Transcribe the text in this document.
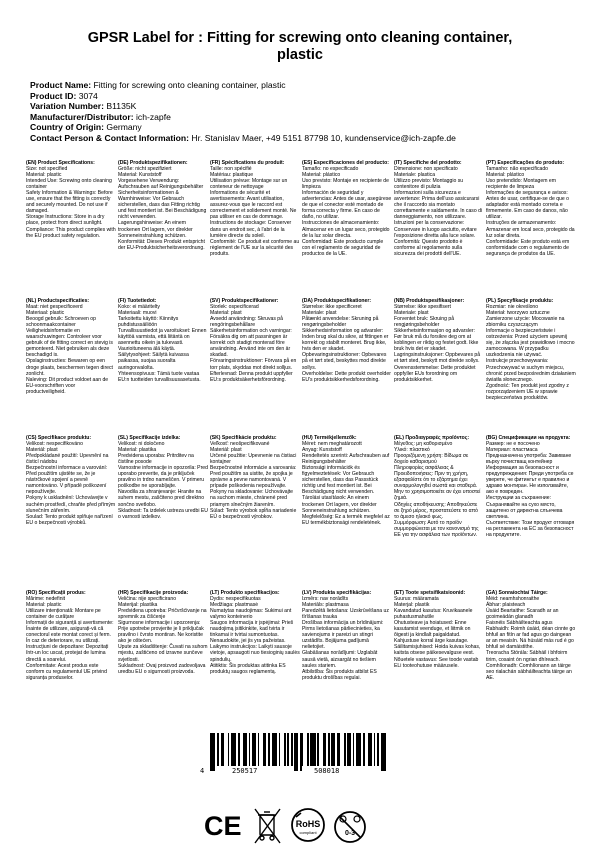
GPSR Label for : Fitting for screwing onto cleaning container,
plastic
Product Name: Fitting for screwing onto cleaning container, plastic
Product ID: 3074
Variation Number: B1135K
Manufacturer/Distributor: ich-zapfe
Country of Origin: Germany
Contact Person & Contact Information: Hr. Stanislav Maer, +49 5151 87798 10, kundenservice@ich-zapfe.de

(EN) Product Specifications:

Size: not specified
Material: plastic
Intended Use: Screwing onto cleaning container
Safety Information & Warnings: Before use, ensure that the fitting is correctly and securely mounted. Do not use if damaged.
Storage Instructions: Store in a dry place, protect from direct sunlight.
Compliance: This product complies with the EU product safety regulation.

(DE) Produktspezifikationen:

Größe: nicht spezifiziert
Material: Kunststoff
Vorgesehene Verwendung: Aufschrauben auf Reinigungsbehälter
Sicherheitsinformationen & Warnhinweise: Vor Gebrauch sicherstellen, dass das Fitting richtig und fest montiert ist. Bei Beschädigung nicht verwenden.
Lagerungshinweise: An einem trockenen Ort lagern, vor direkter Sonneneinstrahlung schützen.
Konformität: Dieses Produkt entspricht der EU-Produktsicherheitsverordnung.

(FR) Spécifications du produit:

Taille: non spécifié
Matériau: plastique
Utilisation prévue: Montage sur un conteneur de nettoyage
Informations de sécurité et avertissements: Avant utilisation, assurez-vous que le raccord est correctement et solidement monté. Ne pas utiliser en cas de dommage.
Instructions de stockage: Conserver dans un endroit sec, à l'abri de la lumière directe du soleil.
Conformité: Ce produit est conforme au règlement de l'UE sur la sécurité des produits.

(ES) Especificaciones del producto:

Tamaño: no especificado
Material: plástico
Uso previsto: Montaje en recipiente de limpieza
Información de seguridad y advertencias: Antes de usar, asegúrese de que el conector esté montado de forma correcta y firme. En caso de daño, no utilizar.
Instrucciones de almacenamiento: Almacenar en un lugar seco, protegido de la luz solar directa.
Conformidad: Este producto cumple con el reglamento de seguridad de productos de la UE.

(IT) Specifiche del prodotto:

Dimensione: non specificato
Materiale: plastica
Utilizzo previsto: Montaggio su contenitore di pulizia
Informazioni sulla sicurezza e avvertenze: Prima dell'uso assicurarsi che il raccordo sia montato correttamente e saldamente. In caso di danneggiamento, non utilizzare.
Istruzioni per la conservazione: Conservare in luogo asciutto, evitare l'esposizione diretta alla luce solare.
Conformità: Questo prodotto è conforme al regolamento sulla sicurezza dei prodotti dell'UE.

(PT) Especificações do produto:

Tamanho: não especificado
Material: plástico
Uso pretendido: Montagem em recipiente de limpeza
Informações de segurança e avisos: Antes de usar, certifique-se de que o adaptador está montado correta e firmemente. Em caso de danos, não utilizar.
Instruções de armazenamento: Armazenar em local seco, protegido da luz solar direta.
Conformidade: Este produto está em conformidade com o regulamento de segurança de produtos da UE.

(NL) Productspecificaties:

Maat: niet gespecificeerd
Materiaal: plastic
Beoogd gebruik: Schroeven op schoonmaakcontainer
Veiligheidsinformatie en waarschuwingen: Controleer voor gebruik of de fitting correct en stevig is gemonteerd. Niet gebruiken als deze beschadigd is.
Opslaginstructies: Bewaren op een droge plaats, beschermen tegen direct zonlicht.
Naleving: Dit product voldoet aan de EU-voorschriften voor productveiligheid.

(FI) Tuotetiedot:

Koko: ei määritelty
Materiaali: muovi
Tarkoitettu käyttö: Kiinnitys puhdistussäiliöön
Turvallisuustiedot ja varoitukset: Ennen käyttöä varmista, että liitäntä on asennettu oikein ja tukevasti. Vaurioituneena älä käytä.
Säilytysohjeet: Säilytä kuivassa paikassa, suojaa suoralta auringonvalolta.
Yhteensopivuus: Tämä tuote vastaa EU:n tuotteiden turvallisuusasetusta.

(SV) Produktspecifikationer:

Storlek: ospecificerad
Material: plast
Avsedd användning: Skruvas på rengöringsbehållare
Säkerhetsinformation och varningar: Försäkra dig om att passningen är korrekt och stadigt monterad före användning. Använd inte om den är skadad.
Förvaringsinstruktioner: Förvara på en torr plats, skyddas mot direkt solljus.
Efterlevnad: Denna produkt uppfyller EU:s produktsäkerhetsförordning.

(DA) Produktspecifikationer:

Størrelse: ikke specificeret
Materiale: plast
Påtænkt anvendelse: Skruning på rengøringsbeholder
Sikkerhedsinformation og advarsler: Inden brug skal du sikre, at fittingen er korrekt og stabilt monteret. Brug ikke, hvis den er skadet.
Opbevaringsinstruktioner: Opbevares på et tørt sted, beskyttes mod direkte sollys.
Overholdelse: Dette produkt overholder EU's produktsikkerhedsforordning.

(NB) Produktspesifikasjoner:

Størrelse: ikke spesifisert
Materiale: plast
Forventet bruk: Skruing på rengjøringsbeholder
Sikkerhetsinformasjon og advarsler: Før bruk må du forsikre deg om at koblingen er riktig og festet godt. Ikke bruk hvis det er skadet.
Lagringsinstruksjoner: Oppbevares på et tørt sted, beskytt mot direkte sollys.
Overensstemmelse: Dette produktet oppfyller EUs forordning om produktsikkerhet.

(PL) Specyfikacje produktu:

Rozmiar: nie określono
Materiał: tworzywo sztuczne
Zamierzone użycie: Mocowanie na zbiorniku czyszczącym
Informacje o bezpieczeństwie i ostrzeżenia: Przed użyciem upewnij się, że złączka jest prawidłowo i mocno zamocowana. W przypadku uszkodzenia nie używać.
Instrukcje przechowywania: Przechowywać w suchym miejscu, chronić przed bezpośrednim działaniem światła słonecznego.
Zgodność: Ten produkt jest zgodny z rozporządzeniem UE w sprawie bezpieczeństwa produktów.

(CS) Specifikace produktu:

Velikost: nespecifikováno
Materiál: plast
Předpokládané použití: Upevnění na čisticí nádobu
Bezpečnostní informace a varování: Před použitím ujistěte se, že je nástrčkové spojení a pevně namontováno. V případě poškození nepoužívejte.
Pokyny k uskladnění: Uchovávejte v suchém prostředí, chraňte před přímým slunečním zářením.
Soulad: Tento produkt splňuje nařízení EU o bezpečnosti výrobků.

(SL) Specifikacije izdelka:

Velikost: ni določeno
Material: plastika
Predvidena uporaba: Pritrditev na čistilne posode
Varnostne informacije in opozorila: Pred uporabo preverite, da je priključek pravilno in trdno nameščen. V primeru poškodbe ne uporabljajte.
Navodila za shranjevanje: Hranite na suhem mestu, zaščiteno pred direktno sončno svetlobo.
Skladnost: Ta izdelek ustreza uredbi EU o varnosti izdelkov.

(SK) Špecifikácie produktu:

Veľkosť: neošpecifikované
Materiál: plast
Určené použitie: Upevnenie na čistiaci kontajner
Bezpečnostné informácie a varovania: Pred použitím sa uistite, že spojka je správne a pevne namontovaná. V prípade poškodenia nepoužívajte.
Pokyny na skladovanie: Uchovávajte na suchom mieste, chránené pred priamym slnečným žiarením.
Súlad: Tento výrobok spĺňa nariadenie EÚ o bezpečnosti výrobkov.

(HU) Termékjellemzők:

Méret: nem meghatározott
Anyag: Kunststoff
Rendeltetés szerinti: Aufschrauben auf Reinigungsbehälter
Biztonsági információk és figyelmeztetések: Vor Gebrauch sicherstellen, dass das Passstück richtig und fest montiert ist. Bei Beschädigung nicht verwenden.
Tárolási utasítások: An einem trockenen Ort lagern, vor direkter Sonneneinstrahlung schützen.
Megfelelőség: Ez a termék megfelel az EU termékbiztonsági rendeletének.

(EL) Προδιαγραφές προϊόντος:

Μέγεθος: μη καθορισμένο
Υλικό: πλαστικό
Προοριζόμενη χρήση: Βίδωμα σε δοχείο καθαρισμού
Πληροφορίες ασφάλειας & Προειδοποιήσεις: Πριν τη χρήση, εξασφαλίστε ότι το εξάρτημα έχει συναρμολογηθεί σωστά και σταθερά. Μην το χρησιμοποιείτε αν έχει υποστεί ζημιά.
Οδηγίες αποθήκευσης: Αποθηκεύστε σε ξηρό μέρος, προστατεύστε το από το άμεσο ηλιακό φως.
Συμμόρφωση: Αυτό το προϊόν συμμορφώνεται με τον κανονισμό της ΕΕ για την ασφάλεια των προϊόντων.

(BG) Спецификации на продукта:

Размер: не е посочено
Материал: пластмаса
Предназначена употреба: Завиване върху почистващ контейнер
Информация за безопасност и предупреждения: Преди употреба се уверете, че фитингът е правилно и здраво монтиран. Не използвайте, ако е повреден.
Инструкции за съхранение: Съхранявайте на сухо място, защитено от директна слънчева светлина.
Съответствие: Този продукт отговаря на регламента на ЕС за безопасност на продуктите.

(RO) Specificații produs:

Mărime: nedefinit
Material: plastic
Utilizare intenționată: Montare pe container de curățare
Informații de siguranță și avertismente: Înainte de utilizare, asigurați-vă că conectorul este montat corect și ferm. În caz de deteriorare, nu utilizați.
Instrucțiuni de depozitare: Depozitați într-un loc uscat, protejat de lumina directă a soarelui.
Conformitate: Acest produs este conform cu regulamentul UE privind siguranța produselor.

(HR) Specifikacije proizvoda:

Veličina: nije specificirano
Materijal: plastika
Predviđena upotreba: Pričvršćivanje na spremnik za čišćenje
Sigurnosne informacije i upozorenja: Prije upotrebe provjerite je li priključak pravilno i čvrsto montiran. Ne koristite ako je oštećen.
Upute za skladištenje: Čuvati na suhom mjestu, zaštićeno od izravne sunčeve svjetlosti.
Sukladnost: Ovaj proizvod zadovoljava uredbu EU o sigurnosti proizvoda.

(LT) Produkto specifikacijos:

Dydis: nespecifikuotas
Medžiaga: plastmasė
Numatytas naudojimas: Sukimui ant valymo konteinerio
Saugos informacija ir įspėjimai: Prieš naudojimą įsitikinkite, kad tvirta ir tinkamai ir tvirtai sumontuotas. Nenaudokite, jei jis yra pažeistas.
Laikymo instrukcijos: Laikyti sausoje vietoje, apsaugoti nuo tiesioginių saulės spindulių.
Atitiktis: Šis produktas atitinka ES produktų saugos reglamentą.

(LV) Produkta specifikācijas:

Izmērs: nav norādīts
Materiāls: plastmasa
Paredzētā lietošana: Uzskrūvēšana uz tīrīšanas trauka
Drošības informācija un brīdinājumi: Pirms lietošanas pārliecinieties, ka savienojums ir pareizi un stingri uzstādīts. Bojājuma gadījumā nelietojiet.
Glabāšanas norādījumi: Uzglabāt sausā vietā, aizsargāt no tiešiem saules stariem.
Atbilstība: Šis produkts atbilst ES produktu drošības regulai.

(ET) Toote spetsifikatsioonid:

Suurus: määramata
Materjal: plastik
Kavandatud kasutus: Kruvikaanele puhastusmahutile
Ohutusteave ja hoiatused: Enne kasutamist veenduge, et liitmik on õigesti ja kindlalt paigaldatud. Kahjustuse korral ärge kasutage.
Säilitamisjuhised: Hoida kuivas kohas, kaitsta otsese päikesevalguse eest.
Nõuetele vastavus: See toode vastab ELi tooteohutuse määrusele.

(GA) Sonraíochtaí Táirge:

Méid: neamhshonraithe
Ábhar: plaisteach
Úsáid Beartaithe: Scaradh ar an gcoimeádán glanadh
Faisnéis Sábháilteachta agus Rabhaidh: Roimh úsáid, déan cinnte go bhfuil an fitín ar fad agus go daingean ar an meaisín. Ná húsáid más rud é go bhfuil sé damáistithe.
Treoracha Stórála: Sábháil i bhfoirm tirim, cosaint ón ngrian dhíreach.
Comhlíonadh: Comhlíonann an táirge seo rialachán sábháilteachta táirge an AE.

4	250517	508018
CE	RoHS
compliant	0-3
